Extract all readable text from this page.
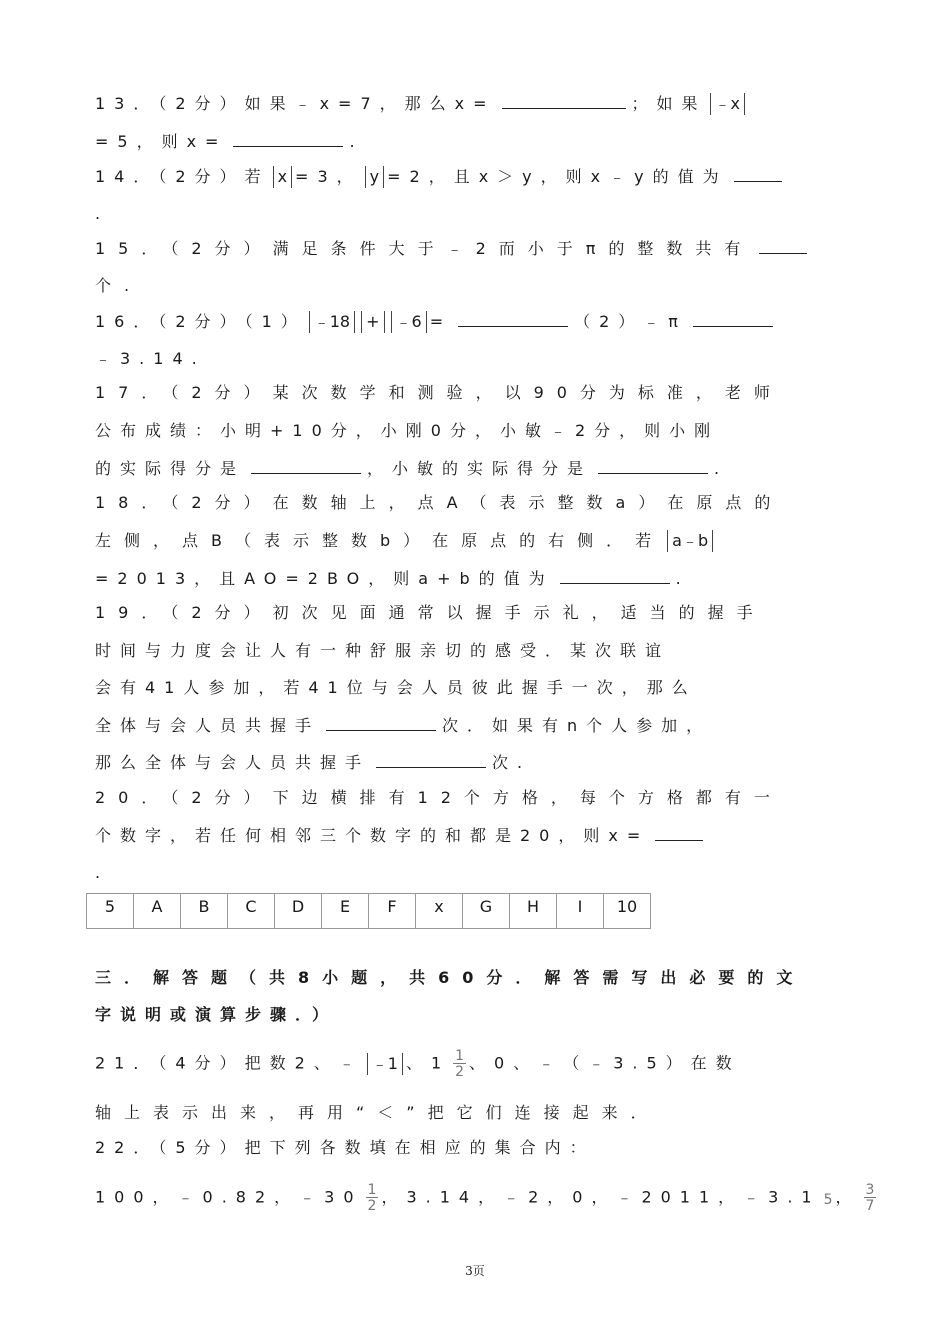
13．（2分）如果﹣x=7，那么x=	；如果 ﹣x
=5，则x=	.
14．（2分）若 x =3， y =2，且x＞y，则x﹣y的值为
.
15．（2分）满足条件大于﹣2而小于π的整数共有
个.
16．（2分）（1） ﹣18 + ﹣6 =	（2）﹣π
﹣3.14.
17．（2分）某次数学和测验，以90分为标准，老师
公布成绩：小明+10分，小刚0分，小敏﹣2分，则小刚
的实际得分是	，小敏的实际得分是	.
18．（2分）在数轴上，点A（表示整数a）在原点的
左侧，点B（表示整数b）在原点的右侧．若 a﹣b
=2013，且AO=2BO，则a+b的值为	.
19．（2分）初次见面通常以握手示礼，适当的握手
时间与力度会让人有一种舒服亲切的感受．某次联谊
会有41人参加，若41位与会人员彼此握手一次，那么
全体与会人员共握手	次．如果有n个人参加，
那么全体与会人员共握手	次.
20．（2分）下边横排有12个方格，每个方格都有一
个数字，若任何相邻三个数字的和都是20，则x=
.
5	A	B	C	D	E	F	x	G	H	I	10
三．解答题（共8小题，共60分．解答需写出必要的文
字说明或演算步骤．）
21．（4分）把数2、﹣ ﹣1 、$1 \frac{1}{2}$ 、0、﹣（﹣3.5）在数
轴上表示出来，再用“＜”把它们连接起来．
22．（5分）把下列各数填在相应的集合内：
100，﹣0.82，﹣30 $\frac{1}{2}$ ，3.14，﹣2，0，﹣2011，﹣3.1 5 ， $\frac{3}{7}$
3页
